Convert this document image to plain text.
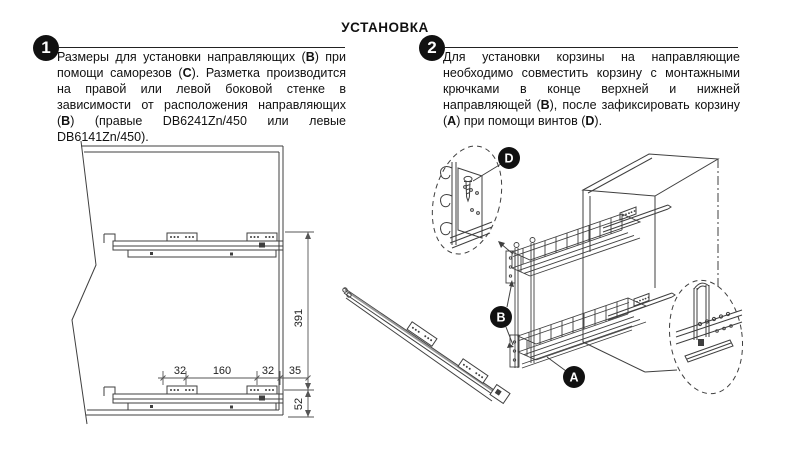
УСТАНОВКА
1 Размеры для установки направляющих (B) при помощи саморезов (C). Разметка производится на правой или левой боковой стенке в зависимости от расположения направляющих (B) (правые DB6241Zn/450 или левые DB6141Zn/450).

2 Для установки корзины на направляющие необходимо совместить корзину с монтажными крючками в конце верхней и нижней направляющей (B), после зафиксировать корзину (A) при помощи винтов (D).

32 160	32 35
391
52
B
A
D
